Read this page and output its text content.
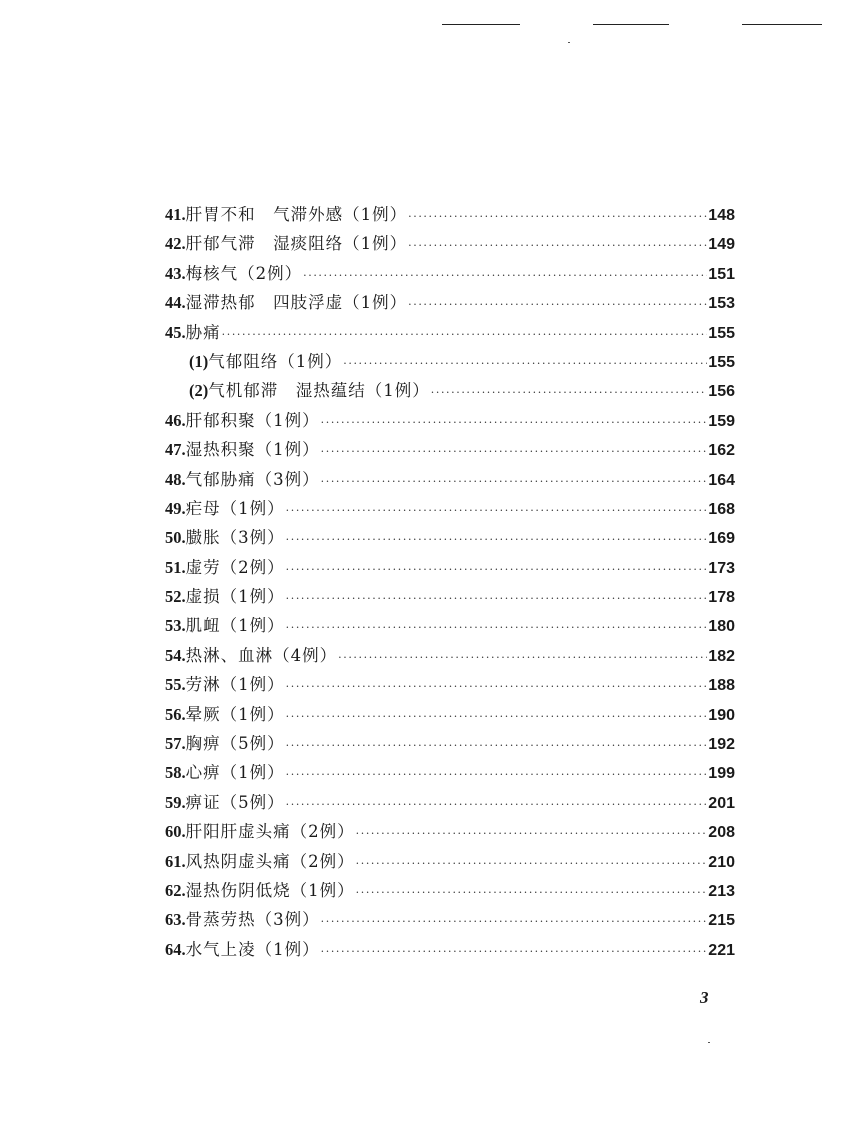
41. 肝胃不和　气滞外感（1例） ·····	148
42. 肝郁气滞　湿痰阻络（1例） ·····	149
43. 梅核气（2例） ·····	151
44. 湿滞热郁　四肢浮虚（1例） ·····	153
45. 胁痛 ·····	155
(1) 气郁阻络（1例） ·····	155
(2) 气机郁滞　湿热蕴结（1例） ·····	156
46. 肝郁积聚（1例） ·····	159
47. 湿热积聚（1例） ·····	162
48. 气郁胁痛（3例） ·····	164
49. 疟母（1例） ·····	168
50. 臌胀（3例） ·····	169
51. 虚劳（2例） ·····	173
52. 虚损（1例） ·····	178
53. 肌衄（1例） ·····	180
54. 热淋、血淋（4例） ·····	182
55. 劳淋（1例） ·····	188
56. 晕厥（1例） ·····	190
57. 胸痹（5例） ·····	192
58. 心痹（1例） ·····	199
59. 痹证（5例） ·····	201
60. 肝阳肝虚头痛（2例） ·····	208
61. 风热阴虚头痛（2例） ·····	210
62. 湿热伤阴低烧（1例） ·····	213
63. 骨蒸劳热（3例） ·····	215
64. 水气上凌（1例） ·····	221
3
